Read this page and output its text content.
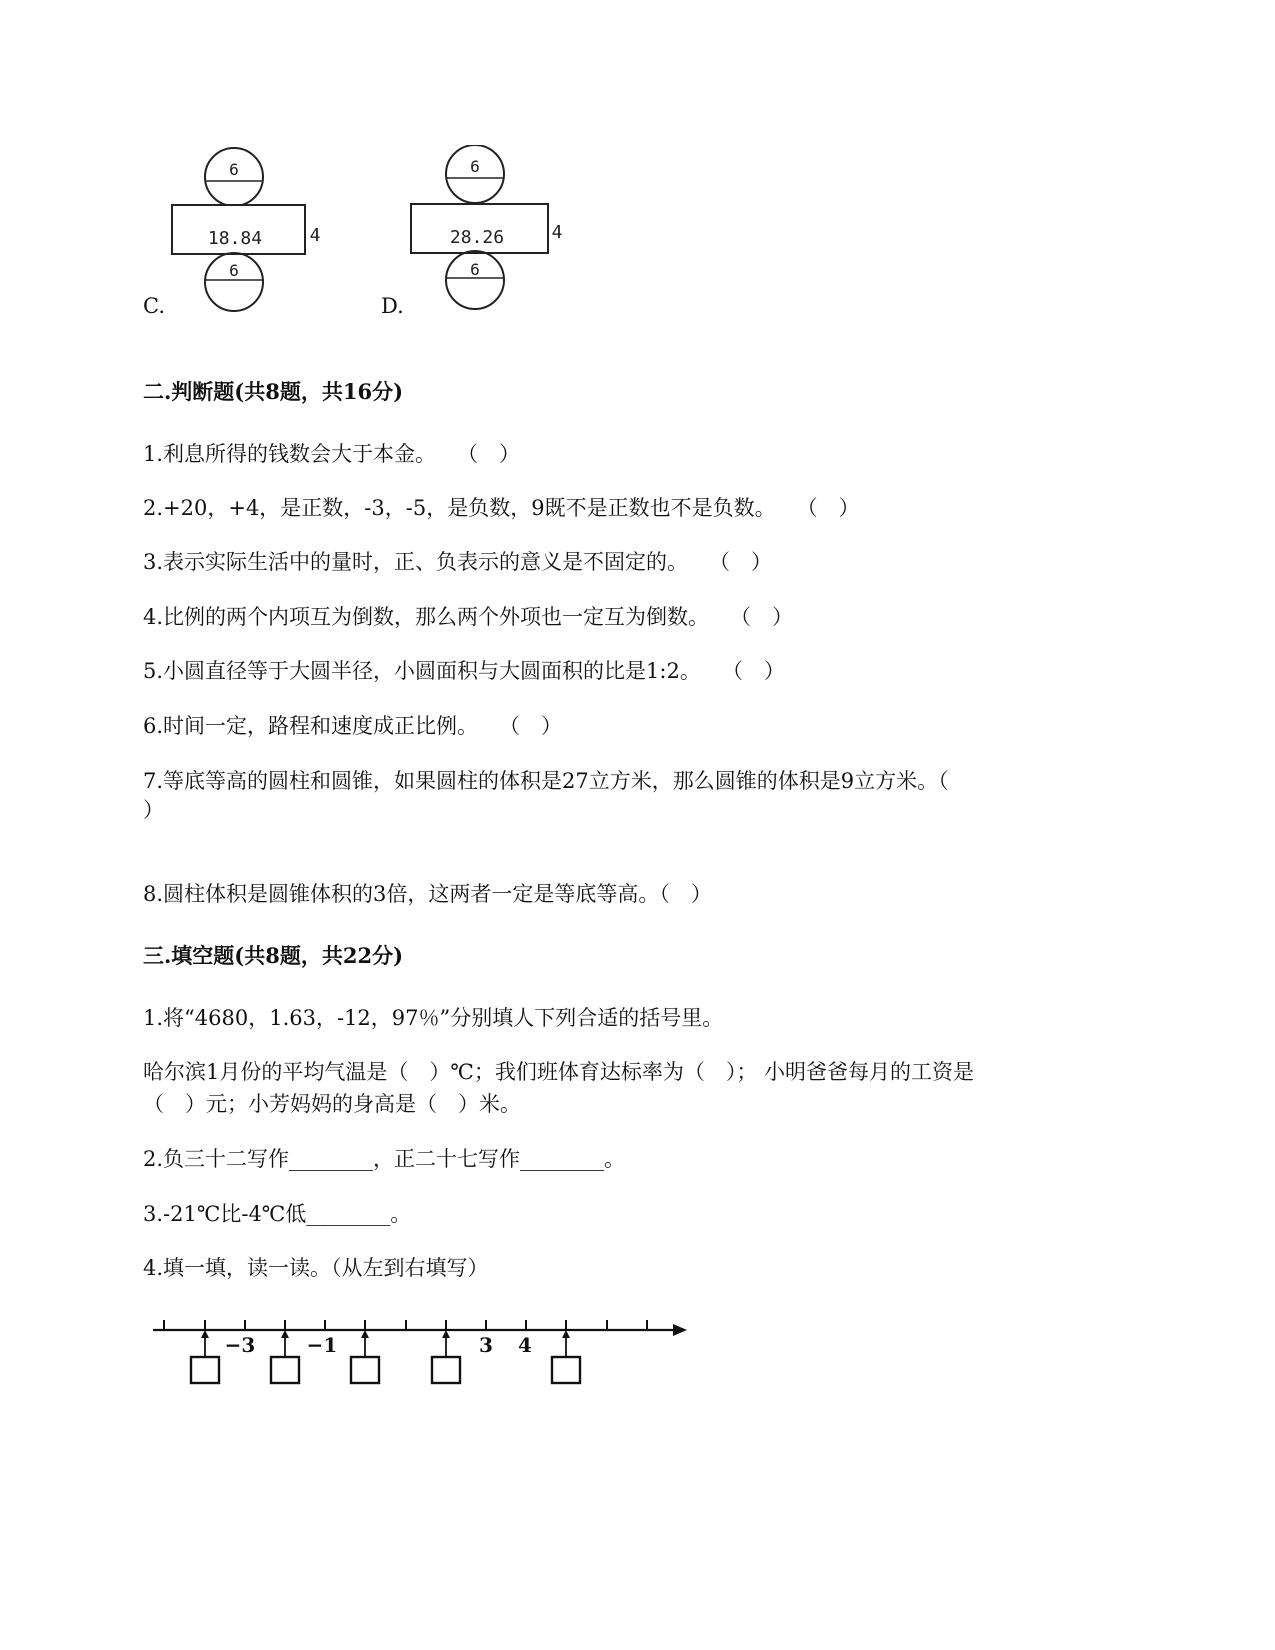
C.
6
18.84	4
6
D.
6
28.26	4
6
二.判断题(共8题，共16分)
1.利息所得的钱数会大于本金。　　（　）
2.+20，+4，是正数，-3，-5，是负数，9既不是正数也不是负数。　　（　）
3.表示实际生活中的量时，正、负表示的意义是不固定的。　　（　）
4.比例的两个内项互为倒数，那么两个外项也一定互为倒数。　　（　）
5.小圆直径等于大圆半径，小圆面积与大圆面积的比是1:2。　　（　）
6.时间一定，路程和速度成正比例。　　（　）
7.等底等高的圆柱和圆锥，如果圆柱的体积是27立方米，那么圆锥的体积是9立方米。（
）
8.圆柱体积是圆锥体积的3倍，这两者一定是等底等高。（　）
三.填空题(共8题，共22分)
1.将“4680，1.63，-12，97％”分别填人下列合适的括号里。
哈尔滨1月份的平均气温是（　）℃；我们班体育达标率为（　）； 小明爸爸每月的工资是
（　）元；小芳妈妈的身高是（　）米。
2.负三十二写作________，正二十七写作________。
3.-21℃比-4℃低________。
4.填一填，读一读。（从左到右填写）
−3	−1	3 4
